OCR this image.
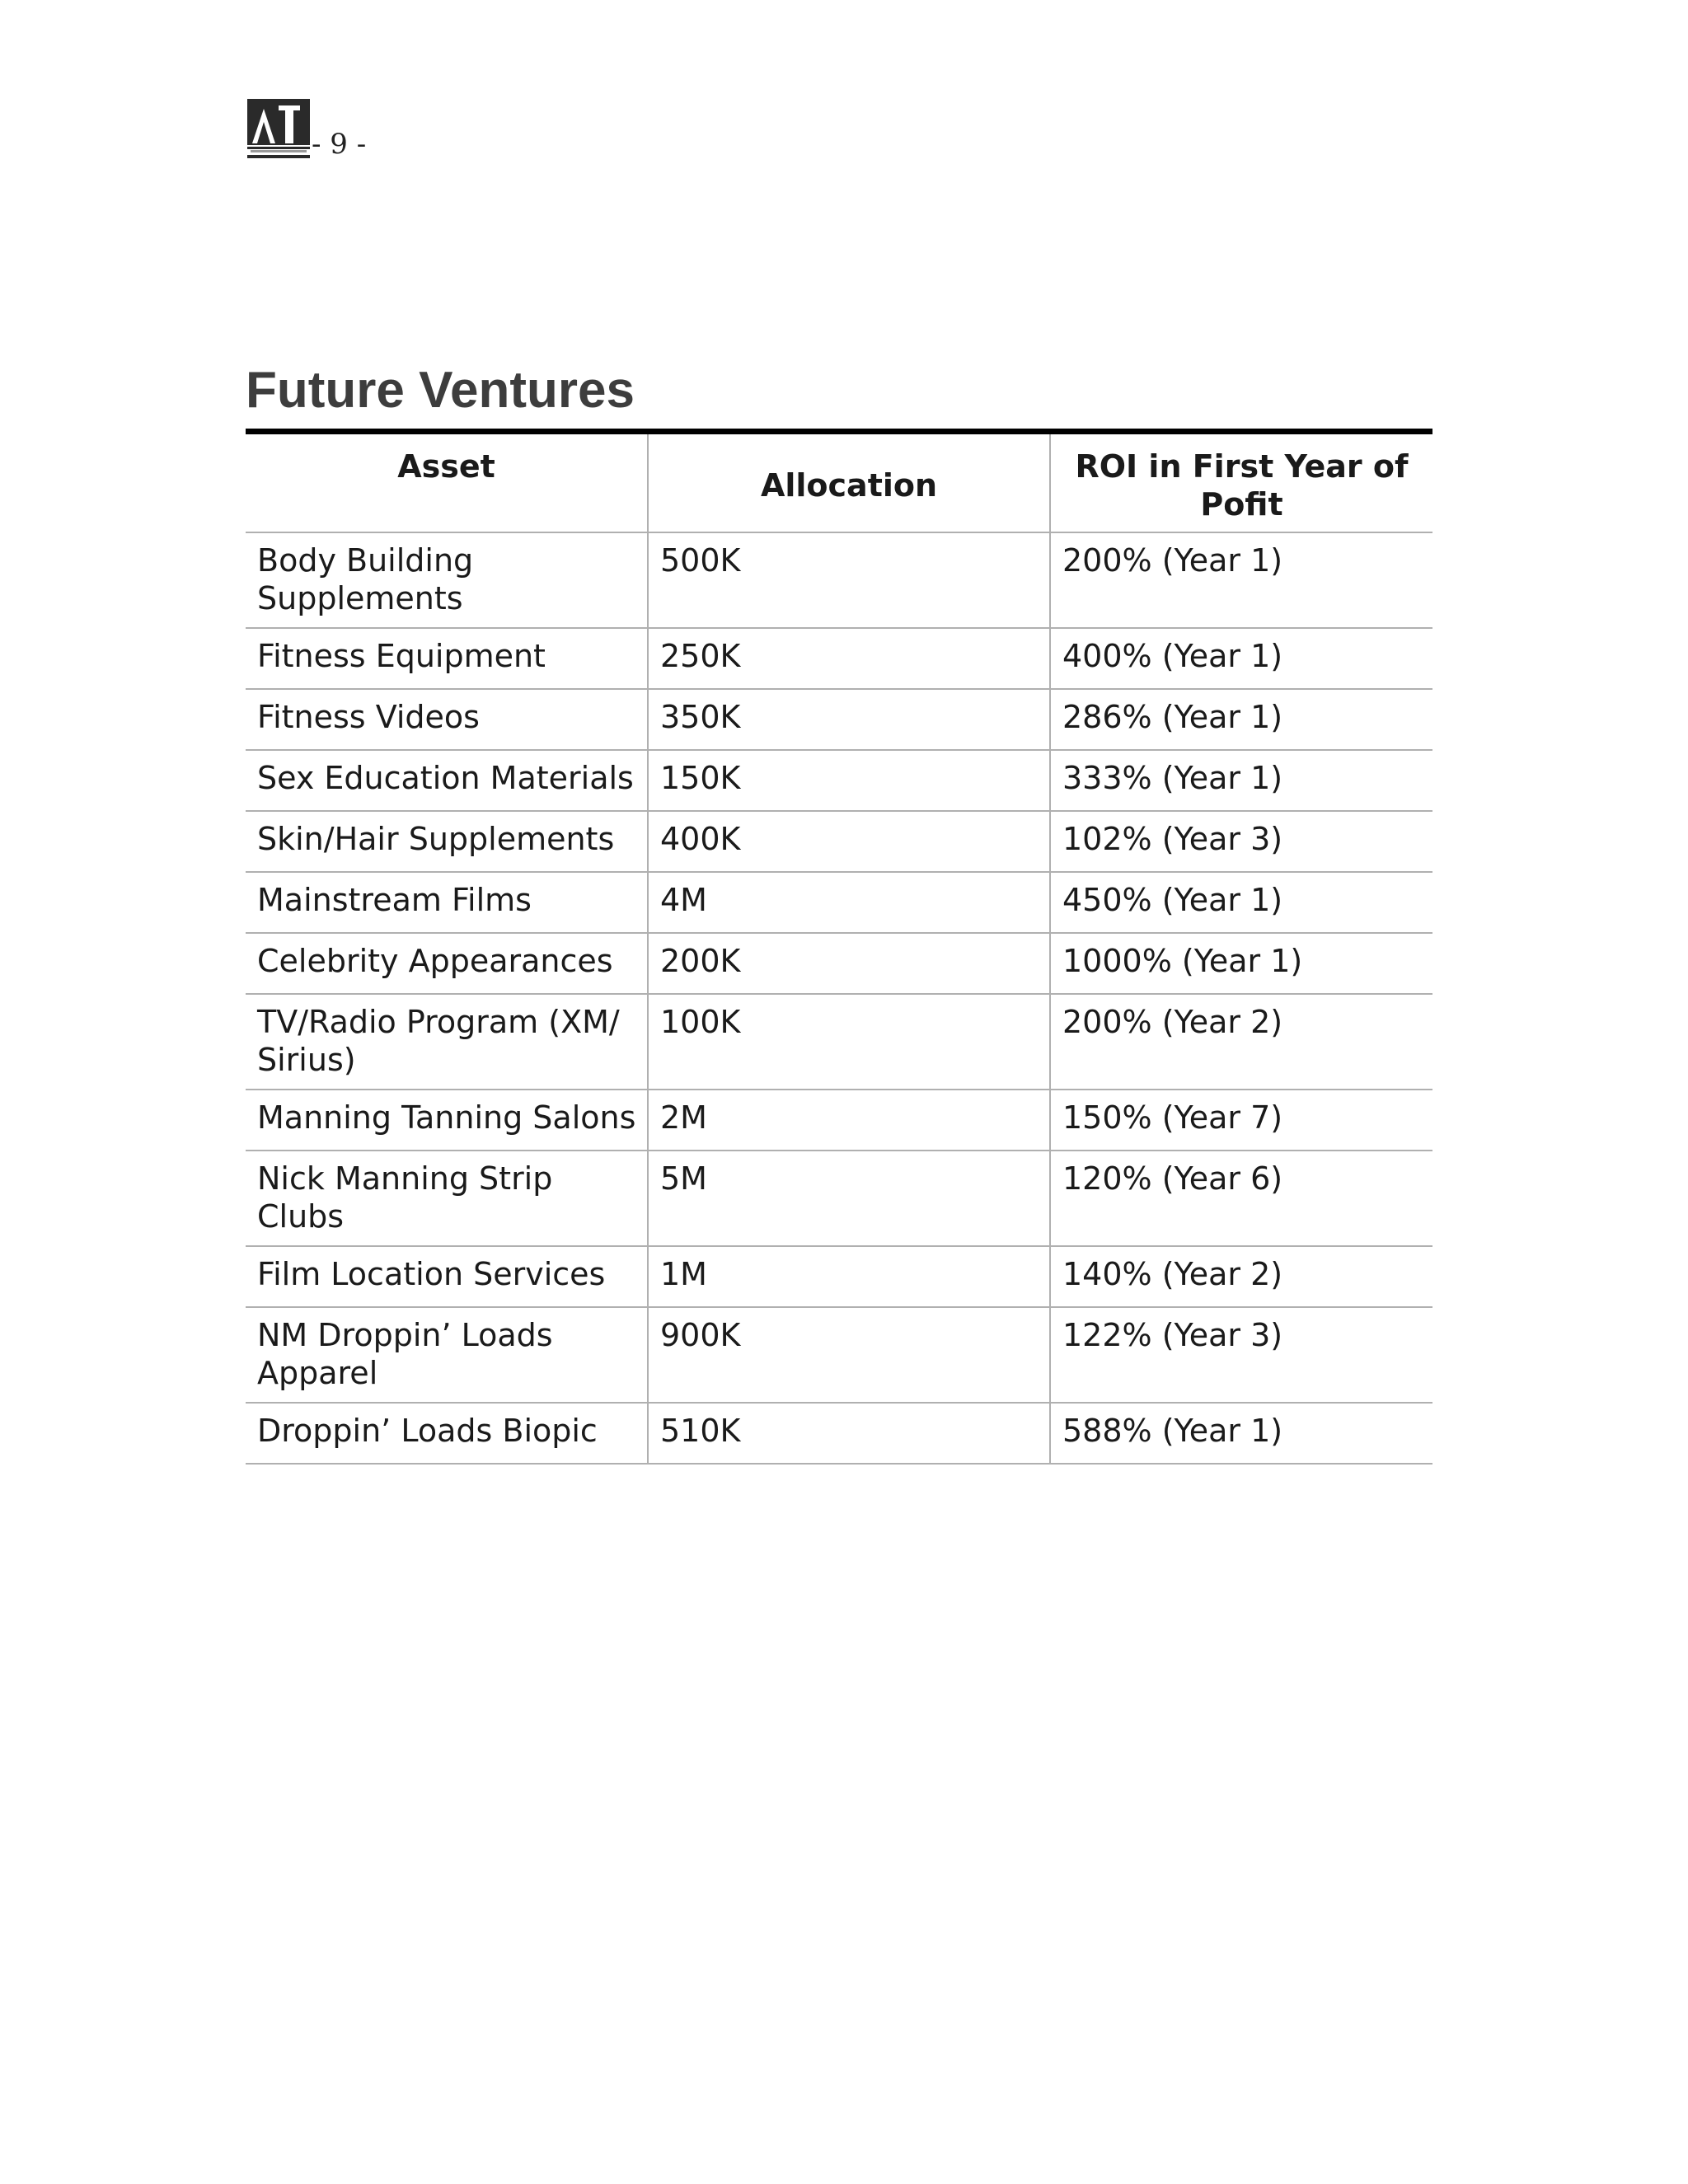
- 9 -
Future Ventures
Asset	Allocation	ROI in First Year of Pofit
Body Building Supplements	500K	200% (Year 1)
Fitness Equipment	250K	400% (Year 1)
Fitness Videos	350K	286% (Year 1)
Sex Education Materials	150K	333% (Year 1)
Skin/Hair Supplements	400K	102% (Year 3)
Mainstream Films	4M	450% (Year 1)
Celebrity Appearances	200K	1000% (Year 1)
TV/Radio Program (XM/ Sirius)	100K	200% (Year 2)
Manning Tanning Salons	2M	150% (Year 7)
Nick Manning Strip Clubs	5M	120% (Year 6)
Film Location Services	1M	140% (Year 2)
NM Droppin’ Loads Apparel	900K	122% (Year 3)
Droppin’ Loads Biopic	510K	588% (Year 1)
